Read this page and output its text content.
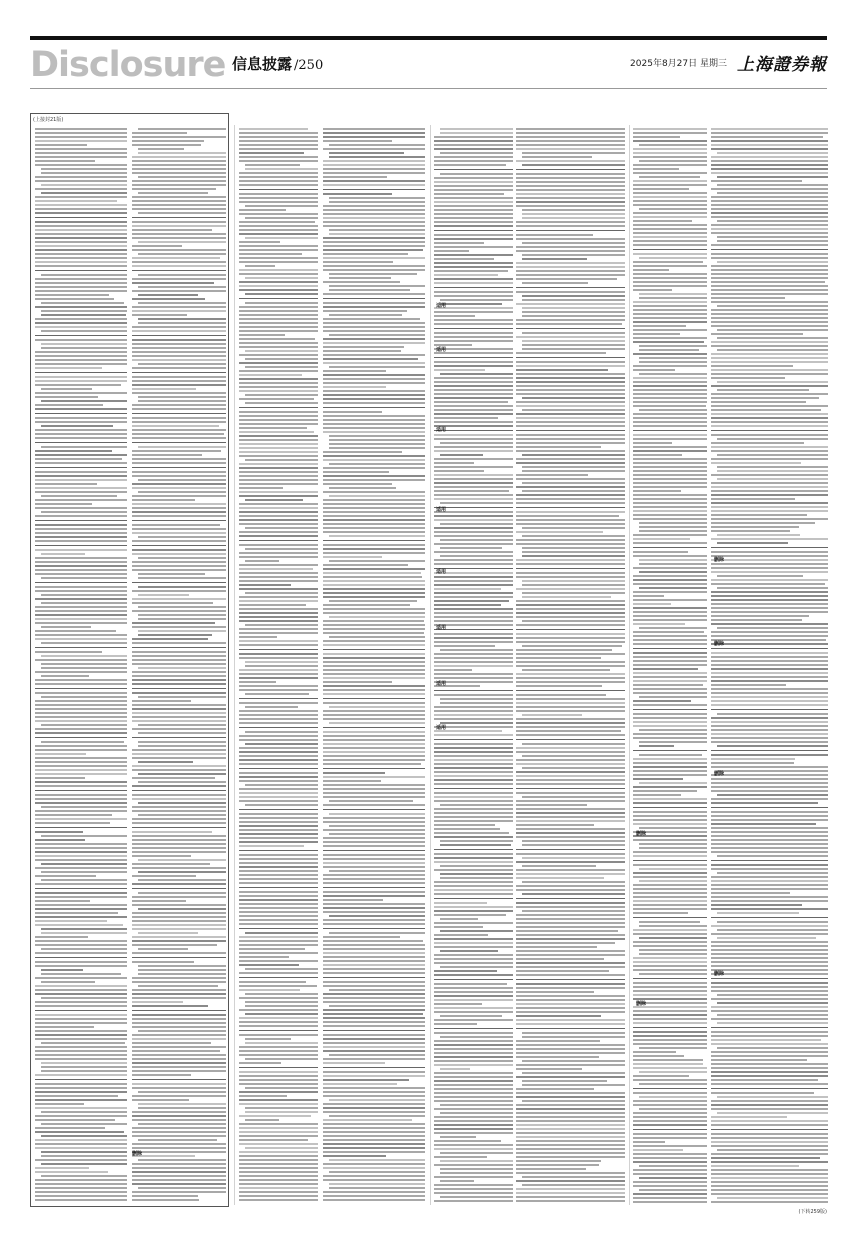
Disclosure 信息披露 /250	2025年8月27日 星期三 上海證券報
(上接封21版)
适用
适用
适用
适用
适用
适用
适用
适用
删除
删除
删除
删除
删除
删除
删除
(下转259版)
